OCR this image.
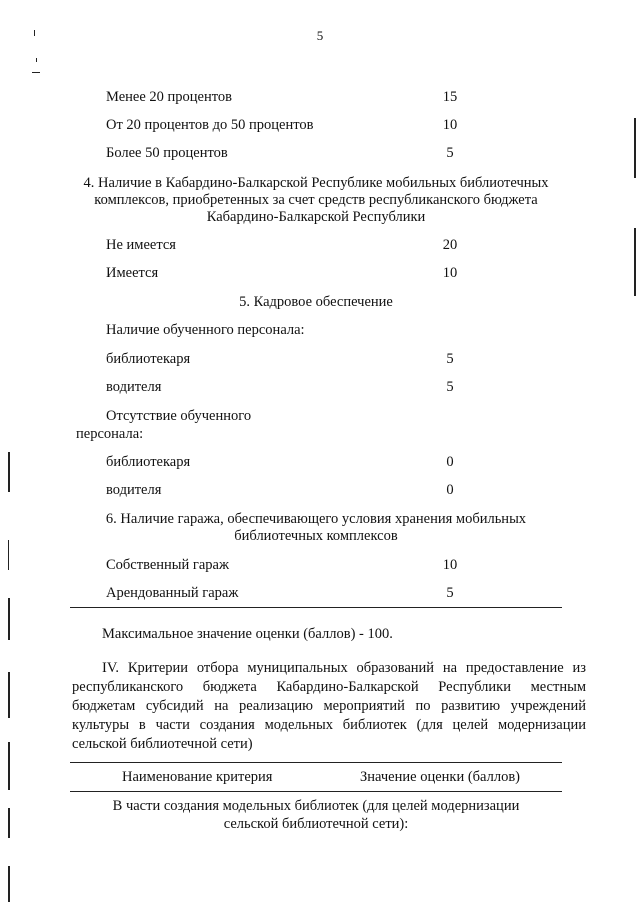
5
Менее 20 процентов	15
От 20 процентов до 50 процентов	10
Более 50 процентов	5
4. Наличие в Кабардино-Балкарской Республике мобильных библиотечных
комплексов, приобретенных за счет средств республиканского бюджета
Кабардино-Балкарской Республики
Не имеется	20
Имеется	10
5. Кадровое обеспечение
Наличие обученного персонала:
библиотекаря	5
водителя	5
Отсутствие обученного
персонала:
библиотекаря	0
водителя	0
6. Наличие гаража, обеспечивающего условия хранения мобильных
библиотечных комплексов
Собственный гараж	10
Арендованный гараж	5
Максимальное значение оценки (баллов) - 100.
IV. Критерии отбора муниципальных образований на предоставление из республиканского бюджета Кабардино-Балкарской Республики местным бюджетам субсидий на реализацию мероприятий по развитию учреждений культуры в части создания модельных библиотек (для целей модернизации сельской библиотечной сети)
Наименование критерия	Значение оценки (баллов)
В части создания модельных библиотек (для целей модернизации
сельской библиотечной сети):
